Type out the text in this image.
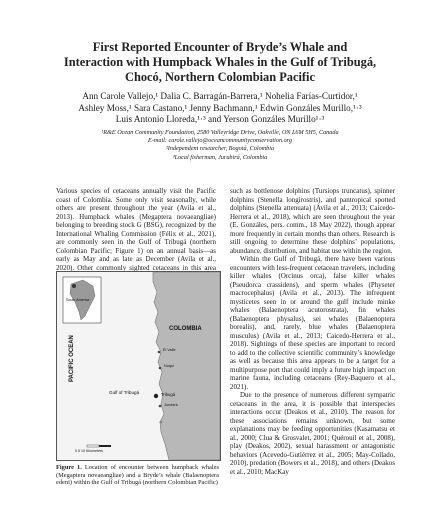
First Reported Encounter of Bryde’s Whale and
Interaction with Humpback Whales in the Gulf of Tribugá,
Chocó, Northern Colombian Pacific
Ann Carole Vallejo,¹ Dalia C. Barragán-Barrera,¹ Nohelia Farías-Curtidor,¹
Ashley Moss,¹ Sara Castano,¹ Jenny Bachmann,¹ Edwin Gonzáles Murillo,¹·³
Luis Antonio Lloreda,¹·³ and Yerson Gonzáles Murillo¹·³
¹R&E Ocean Community Foundation, 2580 Valleyridge Drive, Oakville, ON L6M 5H5, Canada
E-mail: carole.vallejo@oceancommunityconservation.org
²Independent researcher, Bogotá, Colombia
³Local fisherman, Jurubirá, Colombia

Various species of cetaceans annually visit the Pacific coast of Colombia. Some only visit seasonally, while others are present throughout the year (Avila et al., 2013). Humpback whales (Megaptera novaeangliae) belonging to breeding stock G (BSG), recognized by the International Whaling Commission (Félix et al., 2021), are commonly seen in the Gulf of Tribugá (northern Colombian Pacific; Figure 1) on an annual basis—as early as May and as late as December (Avila et al., 2020). Other commonly sighted cetaceans in this area

COLOMBIA
South America
PACIFIC OCEAN
Gulf of Tribugá
El Valle
Nuquí
Tribugá
Jurubirá
0 5 10 Kilometers
Figure 1. Location of encounter between humpback whales (Megaptera novaeangliae) and a Bryde’s whale (Balaenoptera edeni) within the Gulf of Tribugá (northern Colombian Pacific)

such as bottlenose dolphins (Tursiops truncatus), spinner dolphins (Stenella longirostris), and pantropical spotted dolphins (Stenella attenuata) (Avila et al., 2013; Caicedo-Herrera et al., 2018), which are seen throughout the year (E. Gonzáles, pers. comm., 18 May 2022), though appear more frequently in certain months than others. Research is still ongoing to determine these dolphins’ populations, abundance, distribution, and habitat use within the region.

Within the Gulf of Tribugá, there have been various encounters with less-frequent cetacean travelers, including killer whales (Orcinus orca), false killer whales (Pseudorca crassidens), and sperm whales (Physeter macrocephalus) (Avila et al., 2013). The infrequent mysticetes seen in or around the gulf include minke whales (Balaenoptera acutorostrata), fin whales (Balaenoptera physalus), sei whales (Balaenoptera borealis), and, rarely, blue whales (Balaenoptera musculus) (Avila et al., 2013; Caicedo-Herrera et al., 2018). Sightings of these species are important to record to add to the collective scientific community’s knowledge as well as because this area appears to be a target for a multipurpose port that could imply a future high impact on marine fauna, including cetaceans (Rey-Baquero et al., 2021).

Due to the presence of numerous different sympatric cetaceans in the area, it is possible that interspecies interactions occur (Deakos et al., 2010). The reason for these associations remains unknown, but some explanations may be feeding opportunities (Kasamatsu et al., 2000; Clua & Grosvalet, 2001; Quérouil et al., 2008), play (Deakos, 2002), sexual harassment or antagonistic behaviors (Acevedo-Gutiérrez et al., 2005; May-Collado, 2010), predation (Bowers et al., 2018), and others (Deakos et al., 2010; MacKay
